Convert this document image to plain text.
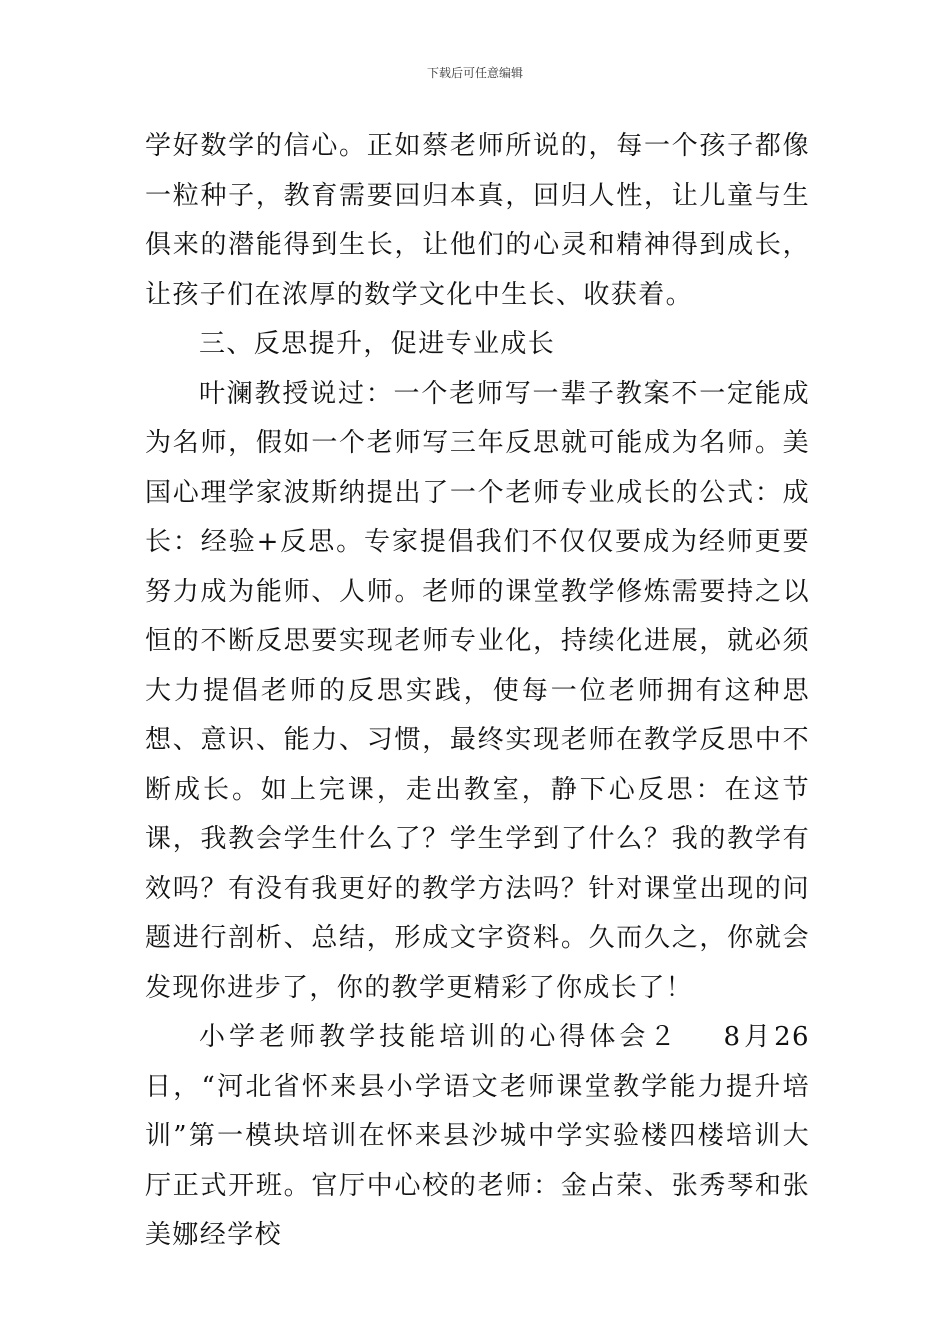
下载后可任意编辑

学好数学的信心。正如蔡老师所说的，每一个孩子都像一粒种子，教育需要回归本真，回归人性，让儿童与生俱来的潜能得到生长，让他们的心灵和精神得到成长，让孩子们在浓厚的数学文化中生长、收获着。

三、反思提升，促进专业成长

叶澜教授说过：一个老师写一辈子教案不一定能成为名师，假如一个老师写三年反思就可能成为名师。美国心理学家波斯纳提出了一个老师专业成长的公式：成长：经验+反思。专家提倡我们不仅仅要成为经师更要努力成为能师、人师。老师的课堂教学修炼需要持之以恒的不断反思要实现老师专业化，持续化进展，就必须大力提倡老师的反思实践，使每一位老师拥有这种思想、意识、能力、习惯，最终实现老师在教学反思中不断成长。如上完课，走出教室，静下心反思：在这节课，我教会学生什么了？学生学到了什么？我的教学有效吗？有没有我更好的教学方法吗？针对课堂出现的问题进行剖析、总结，形成文字资料。久而久之，你就会发现你进步了，你的教学更精彩了你成长了！

小学老师教学技能培训的心得体会２ 8月26日，“河北省怀来县小学语文老师课堂教学能力提升培训”第一模块培训在怀来县沙城中学实验楼四楼培训大厅正式开班。官厅中心校的老师：金占荣、张秀琴和张美娜经学校
